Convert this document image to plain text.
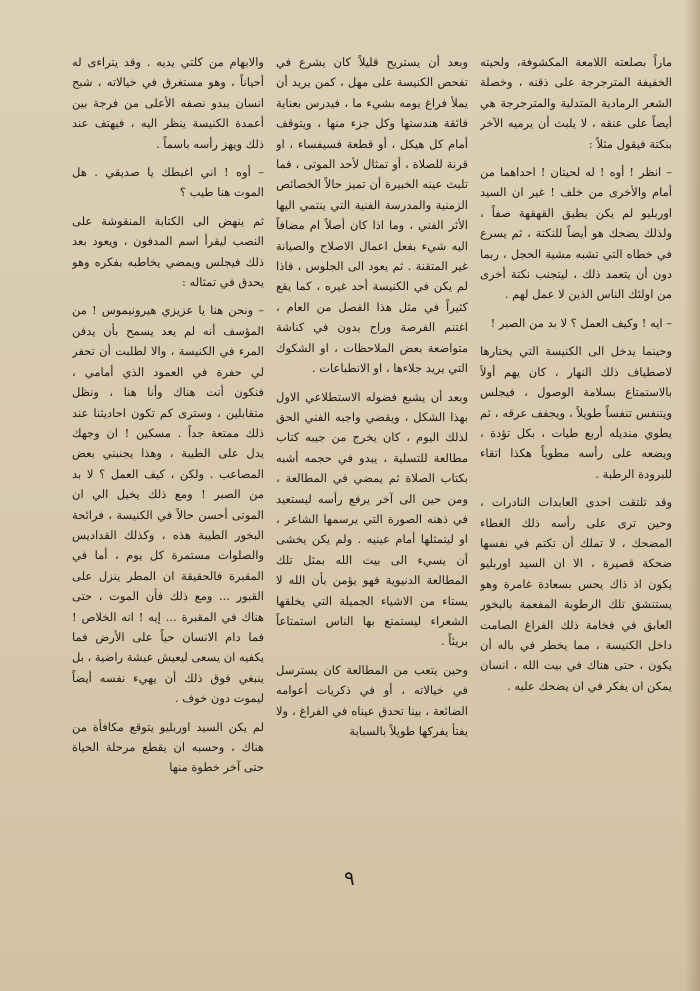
ماراً بصلعته اللامعة المكشوفة، ولحيته الخفيفة المترجرجة على ذقنه ، وخصلة الشعر الرمادية المتدلية والمترجرجة هي أيضاً على عنقه ، لا يلبث أن يرميه الآخر بنكتة فيقول مثلاً :

– انظر ! أوه ! له لحيتان ! احداهما من أمام والأخرى من خلف ! غير ان السيد اوربليو لم يكن يطيق القهقهة صفاً ، ولذلك يضحك هو أيضاً للنكتة ، ثم يسرع في خطاه التي تشبه مشية الحجل ، ربما دون أن يتعمد ذلك ، ليتجنب نكتة أخرى من اولئك الناس الذين لا عمل لهم .

– ايه ! وكيف العمل ؟ لا بد من الصبر !

وحينما يدخل الى الكنيسة التي يختارها لاصطياف ذلك النهار ، كان يهم أولاً بالاستمتاع بسلامة الوصول ، فيجلس ويتنفس تنفساً طويلاً ، ويجفف عرقه ، ثم يطوي منديله أربع طيات ، بكل تؤدة ، ويضعه على رأسه مطوياً هكذا اتقاء للبرودة الرطبة .

وقد تلتقت احدى العابدات النادرات ، وحين ترى على رأسه ذلك الغطاء المضحك ، لا تملك أن تكتم في نفسها ضحكة قصيرة ، الا ان السيد اوربليو يكون اذ ذاك يحس بسعادة غامرة وهو يستنشق تلك الرطوبة المفعمة بالبخور العابق في فخامة ذلك الفراغ الصامت داخل الكنيسة ، مما يخطر في باله أن يكون ، حتى هناك في بيت الله ، انسان يمكن ان يفكر في ان يضحك عليه .

وبعد أن يستريح قليلاً كان يشرع في تفحص الكنيسة على مهل ، كمن يريد أن يملأ فراغ يومه بشيء ما ، فيدرس بعناية فائقة هندستها وكل جزء منها ، ويتوقف أمام كل هيكل ، أو قطعة فسيفساء ، او قرنة للصلاة ، أو تمثال لأحد الموتى ، فما تلبث عينه الخبيرة أن تميز حالاً الخصائص الزمنية والمدرسة الفنية التي ينتمي اليها الأثر الفني ، وما اذا كان أصلاً ام مضافاً اليه شيء بفعل اعمال الاصلاح والصيانة غير المتقنة . ثم يعود الى الجلوس ، فاذا لم يكن في الكنيسة أحد غيره ، كما يقع كثيراً في مثل هذا الفصل من العام ، اغتنم الفرصة وراح يدون في كناشة متواضعة بعض الملاحظات ، او الشكوك التي يريد جلاءها ، او الانطباعات .

وبعد أن يشبع فضوله الاستطلاعي الاول بهذا الشكل ، ويقضي واجبه الفني الحق لذلك اليوم ، كان يخرج من جيبه كتاب مطالعة للتسلية ، يبدو في حجمه أشبه بكتاب الصلاة ثم يمضي في المطالعة ، ومن حين الى آخر يرفع رأسه ليستعيد في ذهنه الصورة التي يرسمها الشاعر ، او ليتمثلها أمام عينيه . ولم يكن يخشى أن يسيء الى بيت الله بمثل تلك المطالعة الدنيوية فهو يؤمن بأن الله لا يستاء من الاشياء الجميلة التي يخلقها الشعراء ليستمتع بها الناس استمتاعاً بريئاً .

وحين يتعب من المطالعة كان يسترسل في خيالاته ، أو في ذكريات أعوامه الضائعة ، بينا تحدق عيناه في الفراغ ، ولا يفتأ يفركها طويلاً بالسبابة

والابهام من كلتي يديه . وقد يتراءى له أحياناً ، وهو مستغرق في خيالاته ، شبح انسان يبدو نصفه الأعلى من فرجة بين أعمدة الكنيسة ينظر اليه ، فيهتف عند ذلك ويهز رأسه باسماً .

– أوه ! اني اغبطك يا صديقي . هل الموت هنا طيب ؟

ثم ينهض الى الكتابة المنقوشة على النصب ليقرأ اسم المدفون ، ويعود بعد ذلك فيجلس ويمضي يخاطبه بفكره وهو يحدق في تمثاله :

– ونحن هنا يا عزيزي هيرونيموس ! من المؤسف أنه لم يعد يسمح بأن يدفن المرء في الكنيسة ، والا لطلبت أن تحفر لي حفرة في العمود الذي أمامي ، فنكون أنت هناك وأنا هنا ، ونظل متقابلين ، وسترى كم تكون احاديثنا عند ذلك ممتعة جداً . مسكين ! ان وجهك يدل على الطيبة ، وهذا يجنبني بعض المصاعب . ولكن ، كيف العمل ؟ لا بد من الصبر ! ومع ذلك يخيل الي ان الموتى أحسن حالاً في الكنيسة ، فرائحة البخور الطيبة هذه ، وكذلك القداديس والصلوات مستمرة كل يوم ، أما في المقبرة فالحقيقة ان المطر ينزل على القبور ... ومع ذلك فأن الموت ، حتى هناك في المقبرة ... إيه ! انه الخلاص ! فما دام الانسان حياً على الأرض فما يكفيه ان يسعى ليعيش عيشة راضية ، بل ينبغي فوق ذلك أن يهيء نفسه أيضاً ليموت دون خوف .

لم يكن السيد اوربليو يتوقع مكافأة من هناك ، وحسبه ان يقطع مرحلة الحياة حتى آخر خطوة منها

٩
